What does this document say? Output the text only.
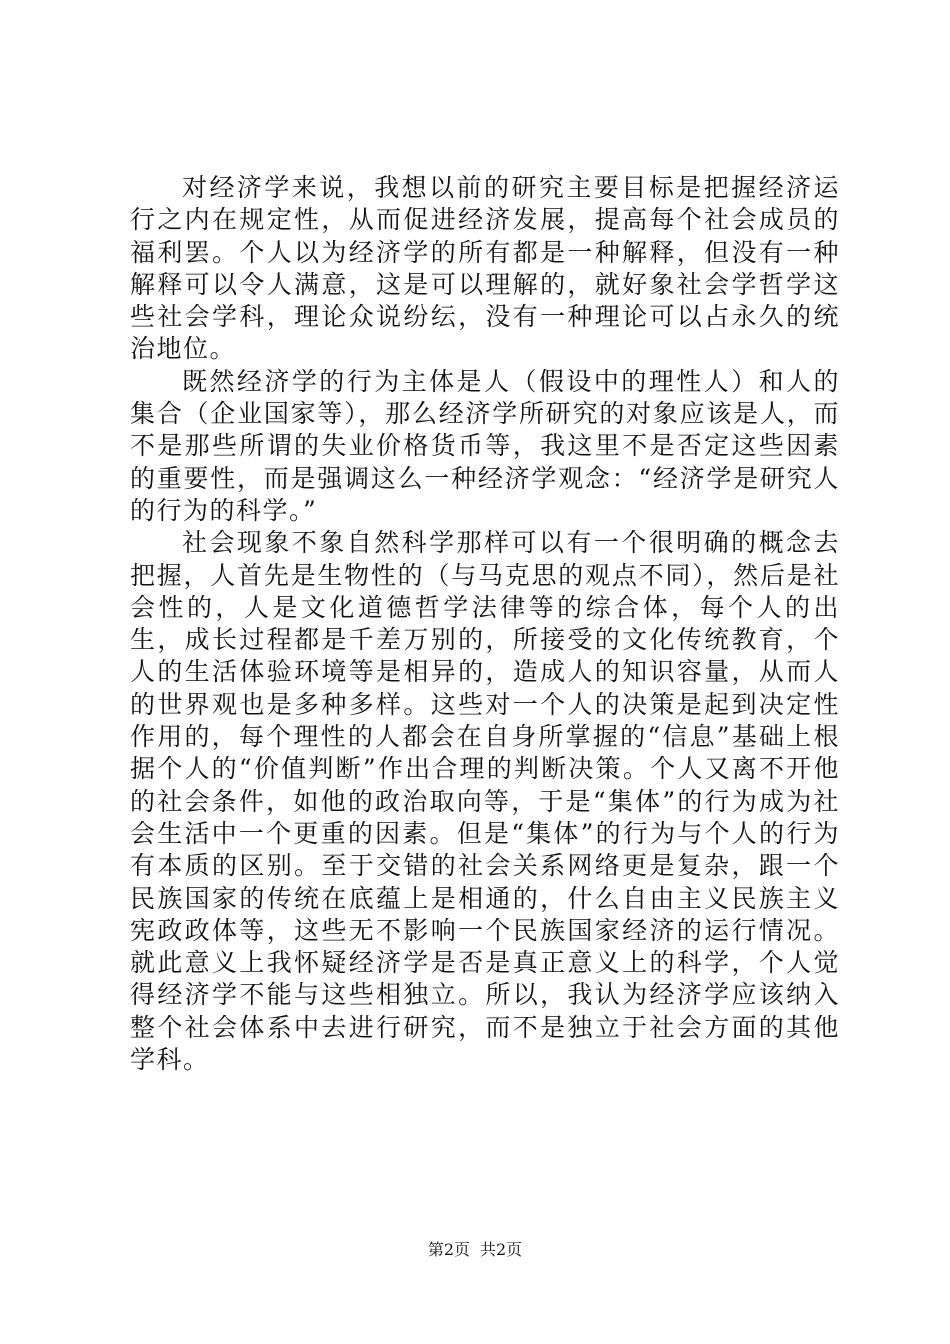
对经济学来说，我想以前的研究主要目标是把握经济运行之内在规定性，从而促进经济发展，提高每个社会成员的福利罢。个人以为经济学的所有都是一种解释，但没有一种解释可以令人满意，这是可以理解的，就好象社会学哲学这些社会学科，理论众说纷纭，没有一种理论可以占永久的统治地位。

既然经济学的行为主体是人（假设中的理性人）和人的集合（企业国家等），那么经济学所研究的对象应该是人，而不是那些所谓的失业价格货币等，我这里不是否定这些因素的重要性，而是强调这么一种经济学观念：“经济学是研究人的行为的科学。”

社会现象不象自然科学那样可以有一个很明确的概念去把握，人首先是生物性的（与马克思的观点不同），然后是社会性的，人是文化道德哲学法律等的综合体，每个人的出生，成长过程都是千差万别的，所接受的文化传统教育，个人的生活体验环境等是相异的，造成人的知识容量，从而人的世界观也是多种多样。这些对一个人的决策是起到决定性作用的，每个理性的人都会在自身所掌握的“信息”基础上根据个人的“价值判断”作出合理的判断决策。个人又离不开他的社会条件，如他的政治取向等，于是“集体”的行为成为社会生活中一个更重的因素。但是“集体”的行为与个人的行为有本质的区别。至于交错的社会关系网络更是复杂，跟一个民族国家的传统在底蕴上是相通的，什么自由主义民族主义宪政政体等，这些无不影响一个民族国家经济的运行情况。就此意义上我怀疑经济学是否是真正意义上的科学，个人觉得经济学不能与这些相独立。所以，我认为经济学应该纳入整个社会体系中去进行研究，而不是独立于社会方面的其他学科。

第2页 共2页
